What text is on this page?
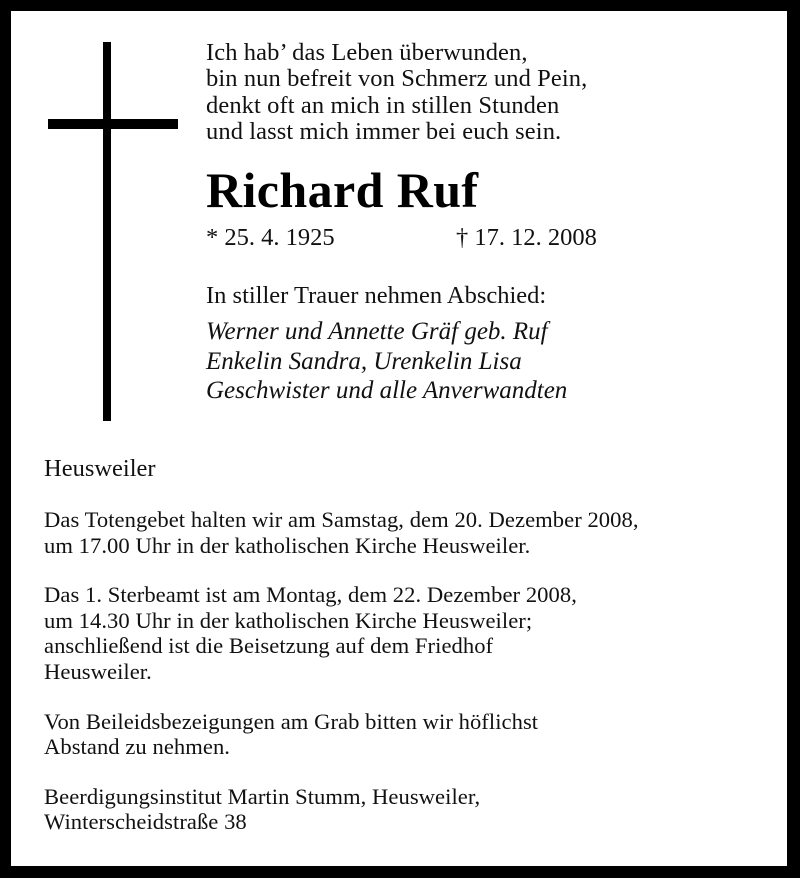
Ich hab’ das Leben überwunden,
bin nun befreit von Schmerz und Pein,
denkt oft an mich in stillen Stunden
und lasst mich immer bei euch sein.
Richard Ruf
* 25. 4. 1925	† 17. 12. 2008
In stiller Trauer nehmen Abschied:
Werner und Annette Gräf geb. Ruf
Enkelin Sandra, Urenkelin Lisa
Geschwister und alle Anverwandten
Heusweiler
Das Totengebet halten wir am Samstag, dem 20. Dezember 2008,
um 17.00 Uhr in der katholischen Kirche Heusweiler.
Das 1. Sterbeamt ist am Montag, dem 22. Dezember 2008,
um 14.30 Uhr in der katholischen Kirche Heusweiler;
anschließend ist die Beisetzung auf dem Friedhof
Heusweiler.
Von Beileidsbezeigungen am Grab bitten wir höflichst
Abstand zu nehmen.
Beerdigungsinstitut Martin Stumm, Heusweiler,
Winterscheidstraße 38
